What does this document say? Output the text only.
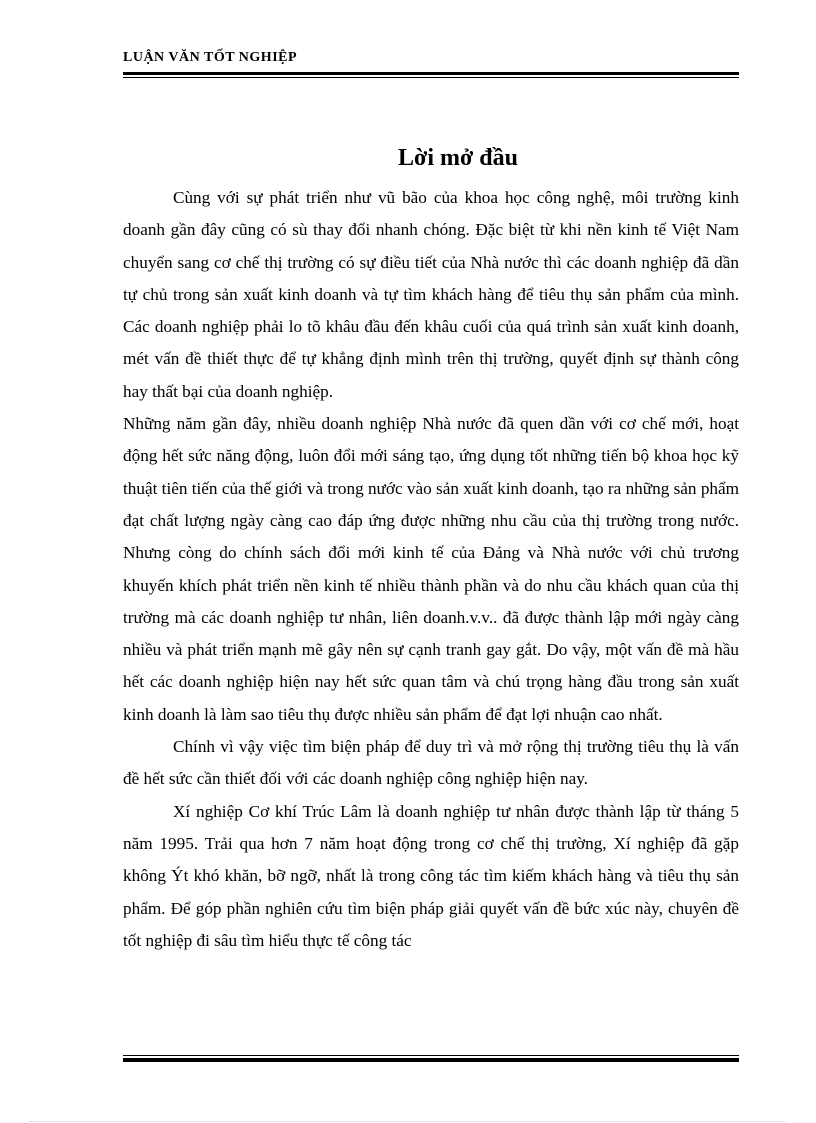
LUẬN VĂN TỐT NGHIỆP
Lời mở đầu

Cùng với sự phát triển như vũ bão của khoa học công nghệ, môi trường kinh doanh gần đây cũng có sù thay đổi nhanh chóng. Đặc biệt từ khi nền kinh tế Việt Nam chuyển sang cơ chế thị trường có sự điều tiết của Nhà nước thì các doanh nghiệp đã dần tự chủ trong sản xuất kinh doanh và tự tìm khách hàng để tiêu thụ sản phẩm của mình. Các doanh nghiệp phải lo tõ khâu đầu đến khâu cuối của quá trình sản xuất kinh doanh, mét vấn đề thiết thực để tự khẳng định mình trên thị trường, quyết định sự thành công hay thất bại của doanh nghiệp.

Những năm gần đây, nhiều doanh nghiệp Nhà nước đã quen dần với cơ chế mới, hoạt động hết sức năng động, luôn đổi mới sáng tạo, ứng dụng tốt những tiến bộ khoa học kỹ thuật tiên tiến của thế giới và trong nước vào sản xuất kinh doanh, tạo ra những sản phẩm đạt chất lượng ngày càng cao đáp ứng được những nhu cầu của thị trường trong nước. Nhưng còng do chính sách đổi mới kinh tế của Đảng và Nhà nước với chủ trương khuyến khích phát triển nền kinh tế nhiều thành phần và do nhu cầu khách quan của thị trường mà các doanh nghiệp tư nhân, liên doanh.v.v.. đã được thành lập mới ngày càng nhiều và phát triển mạnh mẽ gây nên sự cạnh tranh gay gắt. Do vậy, một vấn đề mà hầu hết các doanh nghiệp hiện nay hết sức quan tâm và chú trọng hàng đầu trong sản xuất kinh doanh là làm sao tiêu thụ được nhiều sản phẩm để đạt lợi nhuận cao nhất.

Chính vì vậy việc tìm biện pháp để duy trì và mở rộng thị trường tiêu thụ là vấn đề hết sức cần thiết đối với các doanh nghiệp công nghiệp hiện nay.

Xí nghiệp Cơ khí Trúc Lâm là doanh nghiệp tư nhân được thành lập từ tháng 5 năm 1995. Trải qua hơn 7 năm hoạt động trong cơ chế thị trường, Xí nghiệp đã gặp không Ýt khó khăn, bỡ ngỡ, nhất là trong công tác tìm kiếm khách hàng và tiêu thụ sản phẩm. Để góp phần nghiên cứu tìm biện pháp giải quyết vấn đề bức xúc này, chuyên đề tốt nghiệp đi sâu tìm hiểu thực tế công tác
